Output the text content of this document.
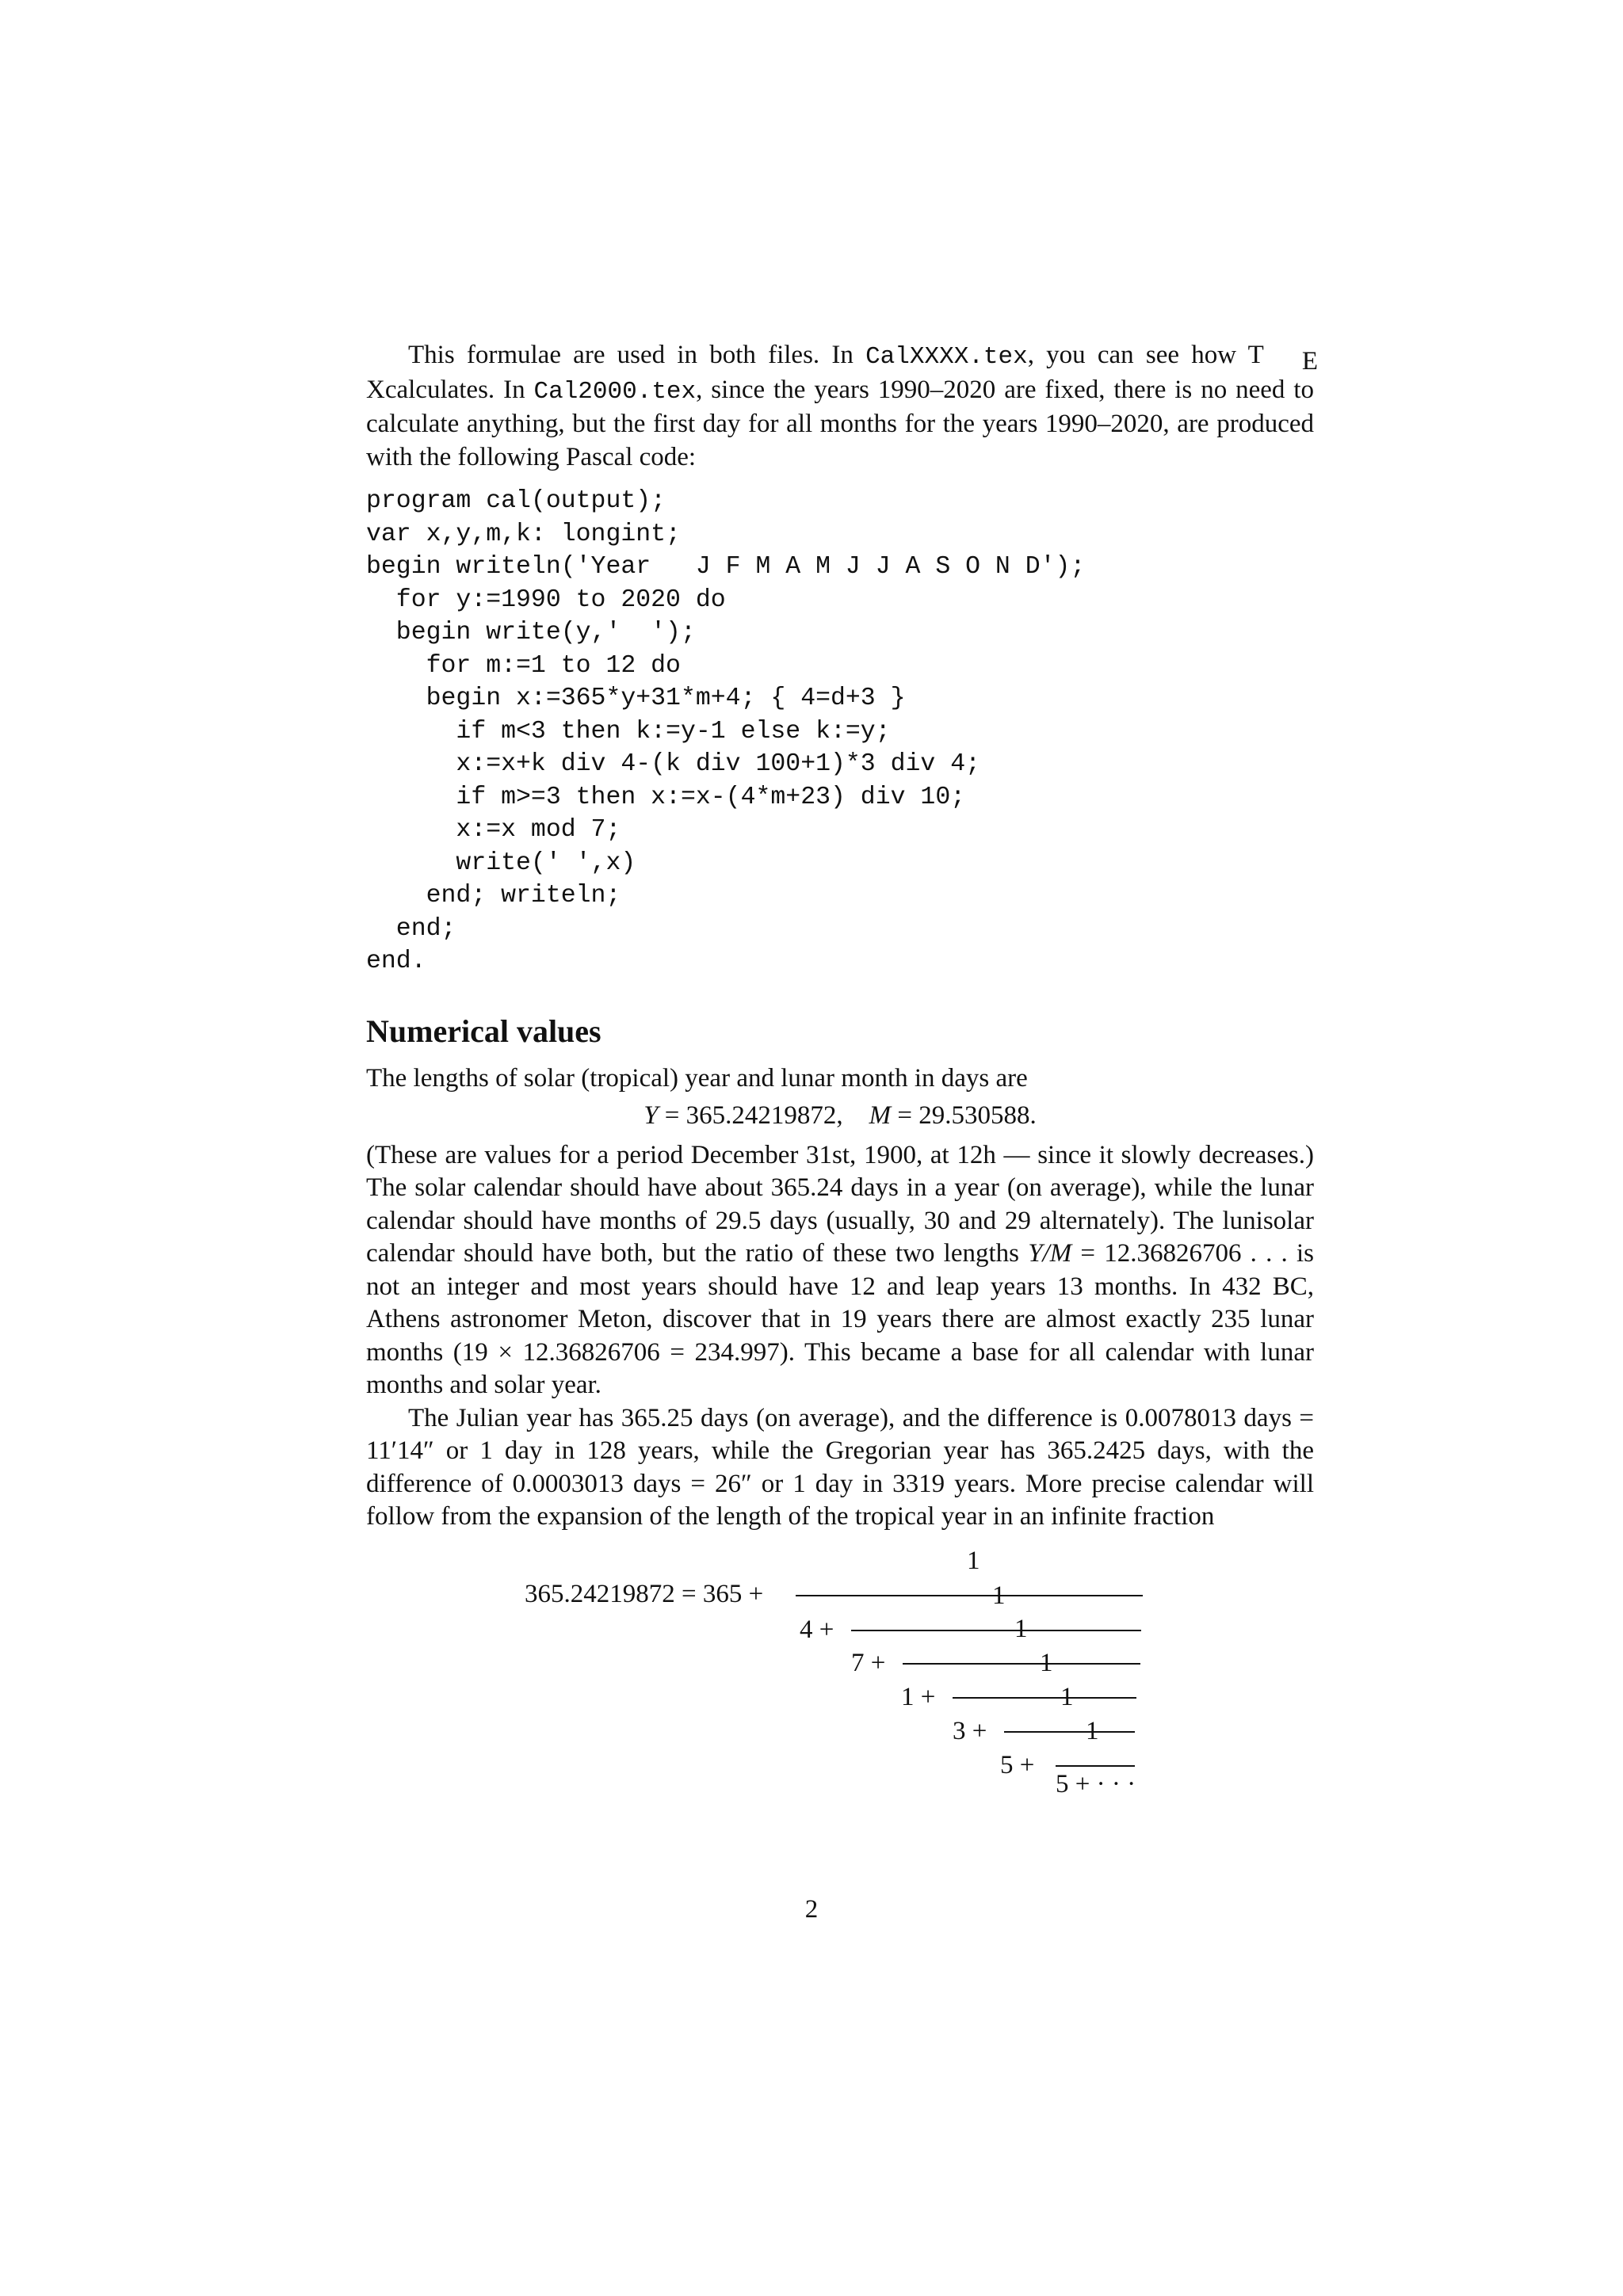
This formulae are used in both files. In CalXXXX.tex, you can see how T EXcalculates. In Cal2000.tex, since the years 1990–2020 are fixed, there is no need to calculate anything, but the first day for all months for the years 1990–2020, are produced with the following Pascal code:

program cal(output);
var x,y,m,k: longint;
begin writeln('Year   J F M A M J J A S O N D');
for y:=1990 to 2020 do
begin write(y,'  ');
for m:=1 to 12 do
begin x:=365*y+31*m+4; { 4=d+3 }
if m<3 then k:=y-1 else k:=y;
x:=x+k div 4-(k div 100+1)*3 div 4;
if m>=3 then x:=x-(4*m+23) div 10;
x:=x mod 7;
write(' ',x)
end; writeln;
end;
end.
Numerical values

The lengths of solar (tropical) year and lunar month in days are

Y = 365.24219872, M = 29.530588.

(These are values for a period December 31st, 1900, at 12h — since it slowly decreases.) The solar calendar should have about 365.24 days in a year (on average), while the lunar calendar should have months of 29.5 days (usually, 30 and 29 alternately). The lunisolar calendar should have both, but the ratio of these two lengths Y/M = 12.36826706 . . . is not an integer and most years should have 12 and leap years 13 months. In 432 BC, Athens astronomer Meton, discover that in 19 years there are almost exactly 235 lunar months (19 × 12.36826706 = 234.997). This became a base for all calendar with lunar months and solar year.

The Julian year has 365.25 days (on average), and the difference is 0.0078013 days = 11′14″ or 1 day in 128 years, while the Gregorian year has 365.2425 days, with the difference of 0.0003013 days = 26″ or 1 day in 3319 years. More precise calendar will follow from the expansion of the length of the tropical year in an infinite fraction

365.24219872 = 365 +
1
4 +
1
7 +
1
1 +
1
3 +
1
5 +
1
5 + · · ·
2
